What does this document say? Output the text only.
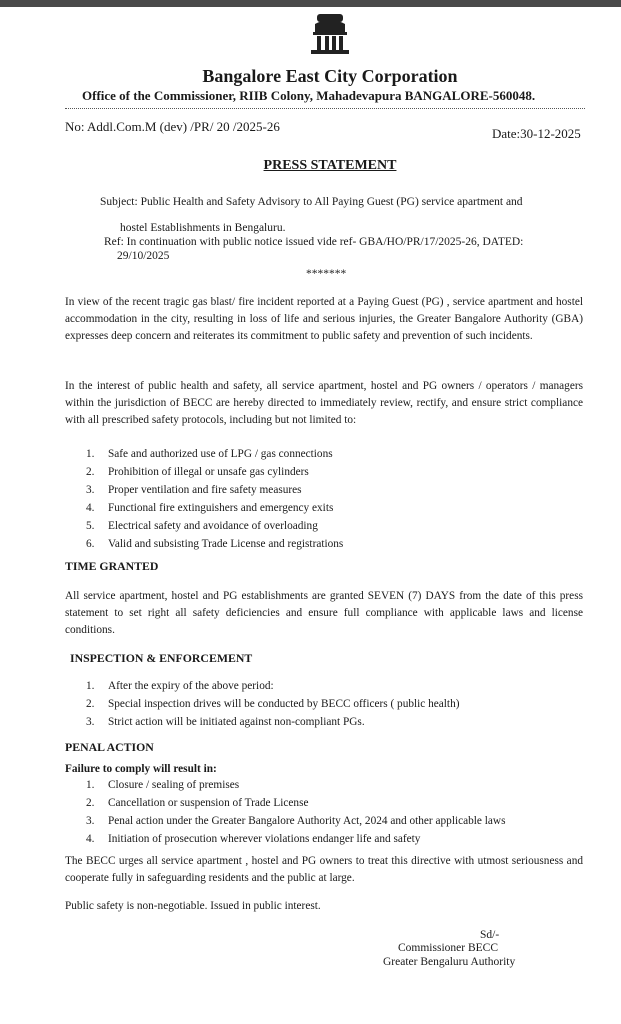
Bangalore East City Corporation
Office of the Commissioner, RIIB Colony, Mahadevapura BANGALORE-560048.
No: Addl.Com.M (dev) /PR/ 20 /2025-26	Date:30-12-2025
PRESS STATEMENT
Subject: Public Health and Safety Advisory to All Paying Guest (PG) service apartment and
hostel Establishments in Bengaluru.
Ref: In continuation with public notice issued vide ref- GBA/HO/PR/17/2025-26, DATED:
29/10/2025
*******
In view of the recent tragic gas blast/ fire incident reported at a Paying Guest (PG) , service apartment and hostel accommodation in the city, resulting in loss of life and serious injuries, the Greater Bangalore Authority (GBA) expresses deep concern and reiterates its commitment to public safety and prevention of such incidents.
In the interest of public health and safety, all service apartment, hostel and PG owners / operators / managers within the jurisdiction of BECC are hereby directed to immediately review, rectify, and ensure strict compliance with all prescribed safety protocols, including but not limited to:
1. Safe and authorized use of LPG / gas connections
2. Prohibition of illegal or unsafe gas cylinders
3. Proper ventilation and fire safety measures
4. Functional fire extinguishers and emergency exits
5. Electrical safety and avoidance of overloading
6. Valid and subsisting Trade License and registrations
TIME GRANTED
All service apartment, hostel and PG establishments are granted SEVEN (7) DAYS from the date of this press statement to set right all safety deficiencies and ensure full compliance with applicable laws and license conditions.
INSPECTION & ENFORCEMENT
1. After the expiry of the above period:
2. Special inspection drives will be conducted by BECC officers ( public health)
3. Strict action will be initiated against non-compliant PGs.
PENAL ACTION
Failure to comply will result in:
1. Closure / sealing of premises
2. Cancellation or suspension of Trade License
3. Penal action under the Greater Bangalore Authority Act, 2024 and other applicable laws
4. Initiation of prosecution wherever violations endanger life and safety
The BECC urges all service apartment , hostel and PG owners to treat this directive with utmost seriousness and cooperate fully in safeguarding residents and the public at large.
Public safety is non-negotiable. Issued in public interest.
Sd/-
Commissioner BECC
Greater Bengaluru Authority
